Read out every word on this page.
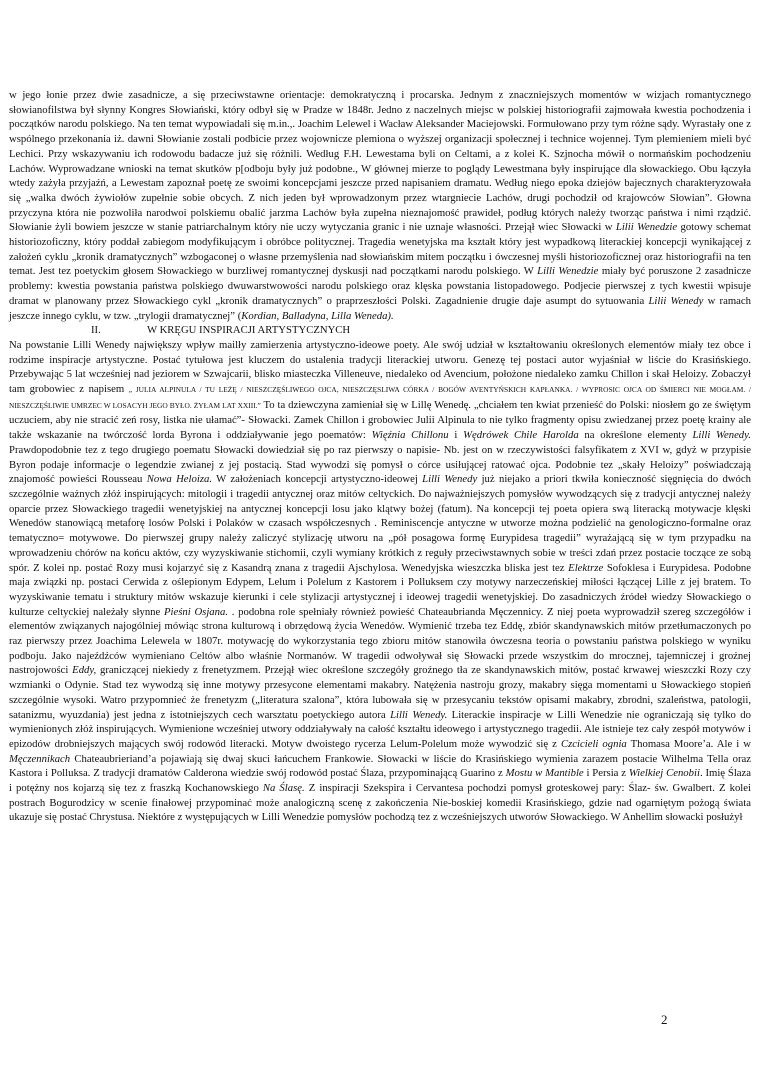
w jego łonie przez dwie zasadnicze, a się przeciwstawne orientacje: demokratyczną i procarska. Jednym z znaczniejszych momentów w wizjach romantycznego słowianofilstwa był słynny Kongres Słowiański, który odbył się w Pradze w 1848r. Jedno z naczelnych miejsc w polskiej historiografii zajmowała kwestia pochodzenia i początków narodu polskiego. Na ten temat wypowiadali się m.in.,. Joachim Lelewel i Wacław Aleksander Maciejowski. Formułowano przy tym różne sądy. Wyrastały one z wspólnego przekonania iż. dawni Słowianie zostali podbicie przez wojownicze plemiona o wyższej organizacji społecznej i technice wojennej. Tym plemieniem mieli być Lechici. Przy wskazywaniu ich rodowodu badacze już się różnili. Według F.H. Lewestama byli on Celtami, a z kolei K. Szjnocha mówił o normańskim pochodzeniu Lachów. Wyprowadzane wnioski na temat skutków p[odboju były już podobne., W głównej mierze to poglądy Lewestmana były inspirujące dla słowackiego. Obu łączyła wtedy zażyła przyjaźń, a Lewestam zapoznał poetę ze swoimi koncepcjami jeszcze przed napisaniem dramatu. Według niego epoka dziejów bajecznych charakteryzowała się „walka dwóch żywiołów zupełnie sobie obcych. Z nich jeden był wprowadzonym przez wtargniecie Lachów, drugi pochodził od krajowców Słowian”. Głowna przyczyna która nie pozwoliła narodwoi polskiemu obalić jarzma Lachów była zupełna nieznajomość prawideł, podług których należy tworząc państwa i nimi rządzić. Słowianie żyli bowiem jeszcze w stanie patriarchalnym który nie uczy wytyczania granic i nie uznaje własności. Przejął wiec Słowacki w Lilii Wenedzie gotowy schemat historiozoficzny, który poddał zabiegom modyfikującym i obróbce politycznej. Tragedia wenetyjska ma kształt który jest wypadkową literackiej koncepcji wynikającej z założeń cyklu „kronik dramatycznych” wzbogaconej o własne przemyślenia nad słowiańskim mitem początku i ówczesnej myśli historiozoficznej oraz historiografii na ten temat. Jest tez poetyckim głosem Słowackiego w burzliwej romantycznej dyskusji nad początkami narodu polskiego. W Lilli Wenedzie miały być poruszone 2 zasadnicze problemy: kwestia powstania państwa polskiego dwuwarstwowości narodu polskiego oraz klęska powstania listopadowego. Podjecie pierwszej z tych kwestii wpisuje dramat w planowany przez Słowackiego cykl „kronik dramatycznych” o praprzeszłości Polski. Zagadnienie drugie daje asumpt do sytuowania Lilii Wenedy w ramach jeszcze innego cyklu, w tzw. „trylogii dramatycznej” (Kordian, Balladyna, Lilla Weneda).

II.	W KRĘGU INSPIRACJI ARTYSTYCZNYCH

Na powstanie Lilli Wenedy największy wpływ mailły zamierzenia artystyczno-ideowe poety. Ale swój udział w kształtowaniu określonych elementów miały tez obce i rodzime inspiracje artystyczne. Postać tytułowa jest kluczem do ustalenia tradycji literackiej utworu. Genezę tej postaci autor wyjaśniał w liście do Krasińskiego. Przebywając 5 lat wcześniej nad jeziorem w Szwajcarii, blisko miasteczka Villeneuve, niedaleko od Avencium, położone niedaleko zamku Chillon i skał Heloizy. Zobaczył tam grobowiec z napisem „ JULIA ALPINULA / TU LEŻĘ / NIESZCZĘŚLIWEGO OJCA, NIESZCZĘSLIWA CÓRKA / BOGÓW AVENTYŃSKICH KAPŁANKA. / WYPROSIC OJCA OD ŚMIERCI NIE MOGŁAM. / NIESZCZĘŚLIWIE UMRZEC W LOSACYH JEGO BYŁO. ŻYŁAM LAT XXIII.” To ta dziewczyna zamieniał się w Lillę Wenedę. „chciałem ten kwiat przenieść do Polski: niosłem go ze świętym uczuciem, aby nie stracić zeń rosy, listka nie ułamać”- Słowacki. Zamek Chillon i grobowiec Julii Alpinula to nie tylko fragmenty opisu zwiedzanej przez poetę krainy ale także wskazanie na twórczość lorda Byrona i oddziaływanie jego poematów: Więźnia Chillonu i Wędrówek Chile Harolda na określone elementy Lilli Wenedy. Prawdopodobnie tez z tego drugiego poematu Słowacki dowiedział się po raz pierwszy o napisie- Nb. jest on w rzeczywistości falsyfikatem z XVI w, gdyż w przypisie Byron podaje informacje o legendzie zwianej z jej postacią. Stad wywodzi się pomysł o córce usiłującej ratować ojca. Podobnie tez „skały Heloizy” poświadczają znajomość powieści Rousseau Nowa Heloiza. W założeniach koncepcji artystyczno-ideowej Lilli Wenedy już niejako a priori tkwiła konieczność sięgnięcia do dwóch szczególnie ważnych złóż inspirujących: mitologii i tragedii antycznej oraz mitów celtyckich. Do najważniejszych pomysłów wywodzących się z tradycji antycznej należy oparcie przez Słowackiego tragedii wenetyjskiej na antycznej koncepcji losu jako klątwy bożej (fatum). Na koncepcji tej poeta opiera swą literacką motywacje klęski Wenedów stanowiącą metaforę losów Polski i Polaków w czasach współczesnych . Reminiscencje antyczne w utworze można podzielić na genologiczno-formalne oraz tematyczno= motywowe. Do pierwszej grupy należy zaliczyć stylizację utworu na „pół posagowa formę Eurypidesa tragedii” wyrażającą się w tym przypadku na wprowadzeniu chórów na końcu aktów, czy wyzyskiwanie stichomii, czyli wymiany krótkich z reguły przeciwstawnych sobie w treści zdań przez postacie toczące ze sobą spór. Z kolei np. postać Rozy musi kojarzyć się z Kasandrą znana z tragedii Ajschylosa. Wenedyjska wieszczka bliska jest tez Elektrze Sofoklesa i Eurypidesa. Podobne maja związki np. postaci Cerwida z oślepionym Edypem, Lelum i Polelum z Kastorem i Polluksem czy motywy narzeczeńskiej miłości łączącej Lille z jej bratem. To wyzyskiwanie tematu i struktury mitów wskazuje kierunki i cele stylizacji artystycznej i ideowej tragedii wenetyjskiej. Do zasadniczych źródeł wiedzy Słowackiego o kulturze celtyckiej należały słynne Pieśni Osjana. . podobna role spełniały również powieść Chateaubrianda Męczennicy. Z niej poeta wyprowadził szereg szczegółów i elementów związanych najogólniej mówiąc strona kulturową i obrzędową życia Wenedów. Wymienić trzeba tez Eddę, zbiór skandynawskich mitów przetłumaczonych po raz pierwszy przez Joachima Lelewela w 1807r. motywację do wykorzystania tego zbioru mitów stanowiła ówczesna teoria o powstaniu państwa polskiego w wyniku podboju. Jako najeźdźców wymieniano Celtów albo właśnie Normanów. W tragedii odwoływał się Słowacki przede wszystkim do mrocznej, tajemniczej i groźnej nastrojowości Eddy, graniczącej niekiedy z frenetyzmem. Przejął wiec określone szczegóły groźnego tła ze skandynawskich mitów, postać krwawej wieszczki Rozy czy wzmianki o Odynie. Stad tez wywodzą się inne motywy przesycone elementami makabry. Natężenia nastroju grozy, makabry sięga momentami u Słowackiego stopień szczególnie wysoki. Watro przypomnieć że frenetyzm („literatura szalona”, która lubowała się w przesycaniu tekstów opisami makabry, zbrodni, szaleństwa, patologii, satanizmu, wyuzdania) jest jedna z istotniejszych cech warsztatu poetyckiego autora Lilli Wenedy. Literackie inspiracje w Lilli Wenedzie nie ograniczają się tylko do wymienionych złóż inspirujących. Wymienione wcześniej utwory oddziaływały na całość kształtu ideowego i artystycznego tragedii. Ale istnieje tez cały zespół motywów i epizodów drobniejszych mających swój rodowód literacki. Motyw dwoistego rycerza Lelum-Polelum może wywodzić się z Czcicieli ognia Thomasa Moore’a. Ale i w Męczennikach Chateaubrieriand’a pojawiają się dwaj skuci łańcuchem Frankowie. Słowacki w liście do Krasińskiego wymienia zarazem postacie Wilhelma Tella oraz Kastora i Polluksa. Z tradycji dramatów Calderona wiedzie swój rodowód postać Ślaza, przypominającą Guarino z Mostu w Mantible i Persia z Wielkiej Cenobii. Imię Ślaza i potężny nos kojarzą się tez z fraszką Kochanowskiego Na Ślasę. Z inspiracji Szekspira i Cervantesa pochodzi pomysł groteskowej pary: Ślaz- św. Gwalbert. Z kolei postrach Bogurodzicy w scenie finałowej przypominać może analogiczną scenę z zakończenia Nie-boskiej komedii Krasińskiego, gdzie nad ogarniętym pożogą świata ukazuje się postać Chrystusa. Niektóre z występujących w Lilli Wenedzie pomysłów pochodzą tez z wcześniejszych utworów Słowackiego. W Anhellim słowacki posłużył

2
